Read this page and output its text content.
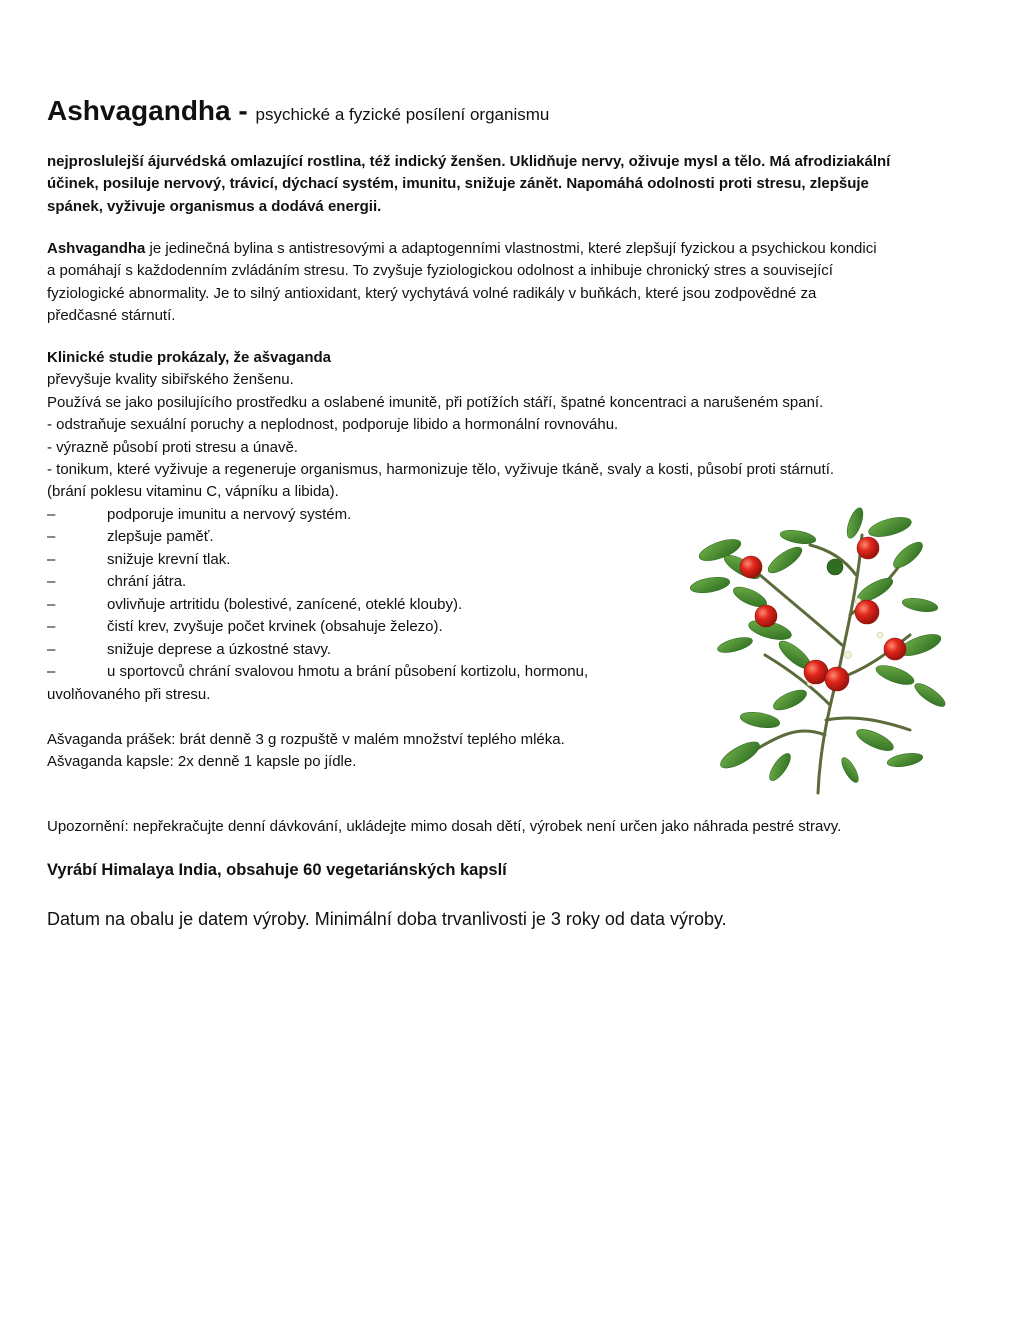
Ashvagandha - psychické a fyzické posílení organismu
nejproslulejší ájurvédská omlazující rostlina, též indický ženšen. Uklidňuje nervy, oživuje mysl a tělo. Má afrodiziakální
účinek, posiluje nervový, trávicí, dýchací systém, imunitu, snižuje zánět. Napomáhá odolnosti proti stresu, zlepšuje
spánek, vyživuje organismus a dodává energii.
Ashvagandha je jedinečná bylina s antistresovými a adaptogenními vlastnostmi, které zlepšují fyzickou a psychickou kondici
a pomáhají s každodenním zvládáním stresu. To zvyšuje fyziologickou odolnost a inhibuje chronický stres a související
fyziologické abnormality. Je to silný antioxidant, který vychytává volné radikály v buňkách, které jsou zodpovědné za
předčasné stárnutí.
Klinické studie prokázaly, že ašvaganda
převyšuje kvality sibiřského ženšenu.
Používá se jako posilujícího prostředku a oslabené imunitě, při potížích stáří, špatné koncentraci a narušeném spaní.
- odstraňuje sexuální poruchy a neplodnost, podporuje libido a hormonální rovnováhu.
- výrazně působí proti stresu a únavě.
- tonikum, které vyživuje a regeneruje organismus, harmonizuje tělo, vyživuje tkáně, svaly a kosti, působí proti stárnutí.
(brání poklesu vitaminu C, vápníku a libida).
–	podporuje imunitu a nervový systém.
–	zlepšuje paměť.
–	snižuje krevní tlak.
–	chrání játra.
–	ovlivňuje artritidu (bolestivé, zanícené, oteklé klouby).
–	čistí krev, zvyšuje počet krvinek (obsahuje železo).
–	snižuje deprese a úzkostné stavy.
–	u sportovců chrání svalovou hmotu a brání působení kortizolu, hormonu,
uvolňovaného při stresu.
Ašvaganda prášek: brát denně 3 g rozpuště v malém množství teplého mléka.
Ašvaganda kapsle: 2x denně 1 kapsle po jídle.
Upozornění: nepřekračujte denní dávkování, ukládejte mimo dosah dětí, výrobek není určen jako náhrada pestré stravy.
Vyrábí Himalaya India, obsahuje 60 vegetariánských kapslí
Datum na obalu je datem výroby. Minimální doba trvanlivosti je 3 roky od data výroby.
